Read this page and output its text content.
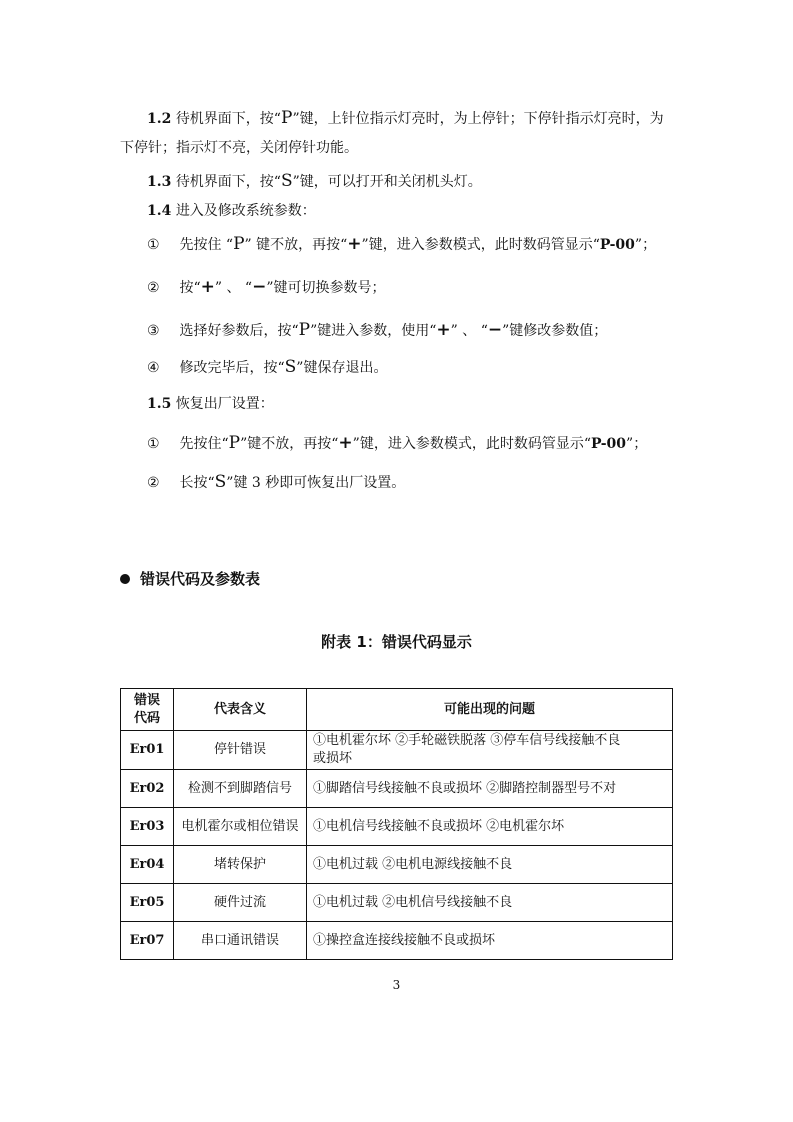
1.2 待机界面下，按“P”键，上针位指示灯亮时，为上停针；下停针指示灯亮时，为
下停针；指示灯不亮，关闭停针功能。
1.3 待机界面下，按“S”键，可以打开和关闭机头灯。
1.4 进入及修改系统参数：
① 先按住 “P” 键不放，再按“+”键，进入参数模式，此时数码管显示“P-00”；
② 按“+” 、 “−”键可切换参数号；
③ 选择好参数后，按“P”键进入参数，使用“+” 、 “−”键修改参数值；
④ 修改完毕后，按“S”键保存退出。
1.5 恢复出厂设置：
① 先按住“P”键不放，再按“+”键，进入参数模式，此时数码管显示“P-00”；
② 长按“S”键 3 秒即可恢复出厂设置。
错误代码及参数表
附表 1：错误代码显示
错误
代码	代表含义	可能出现的问题
Er01	停针错误	①电机霍尔坏 ②手轮磁铁脱落 ③停车信号线接触不良
或损坏

Er02	检测不到脚踏信号	①脚踏信号线接触不良或损坏 ②脚踏控制器型号不对
Er03	电机霍尔或相位错误	①电机信号线接触不良或损坏 ②电机霍尔坏
Er04	堵转保护	①电机过载 ②电机电源线接触不良
Er05	硬件过流	①电机过载 ②电机信号线接触不良
Er07	串口通讯错误	①操控盒连接线接触不良或损坏
3
